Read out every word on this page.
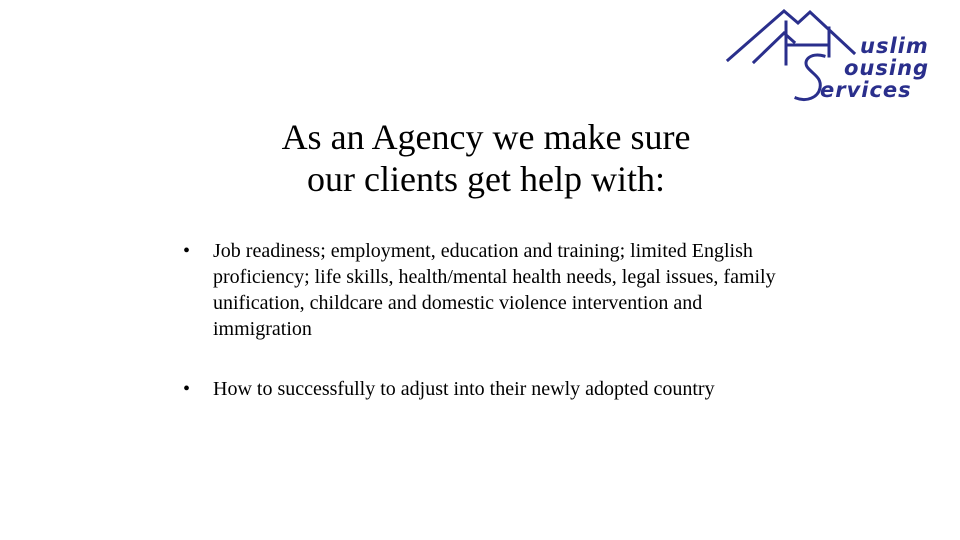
uslim
ousing
ervices
As an Agency we make sure
our clients get help with:
• Job readiness; employment, education and training; limited English proficiency; life skills, health/mental health needs, legal issues, family unification, childcare and domestic violence intervention and immigration
• How to successfully to adjust into their newly adopted country
